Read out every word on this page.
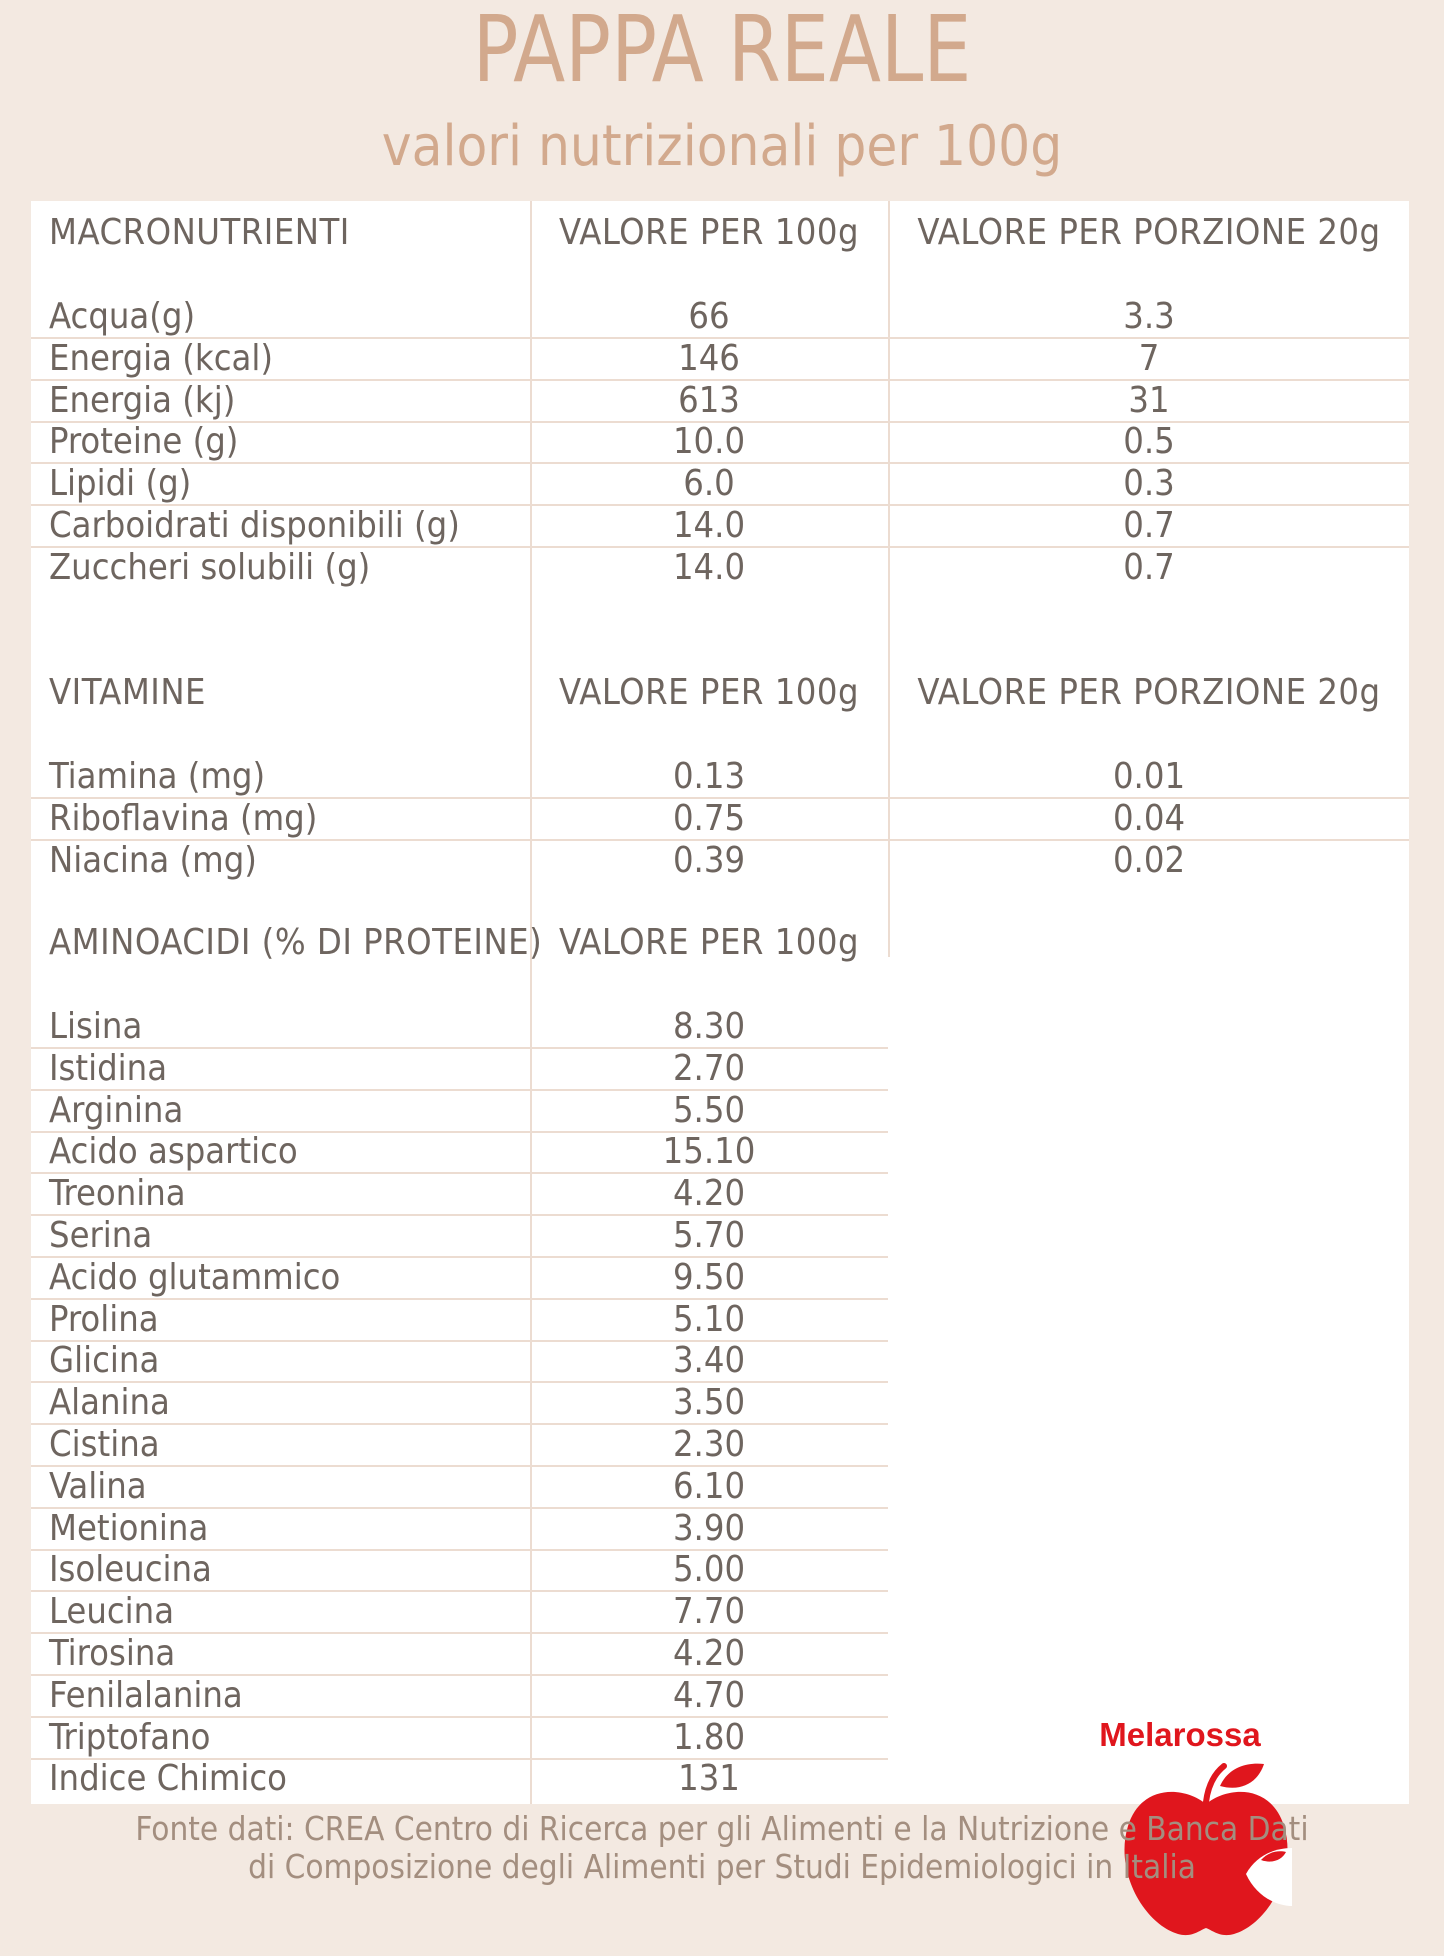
PAPPA REALE
valori nutrizionali per 100g
MACRONUTRIENTI	VALORE PER 100g	VALORE PER PORZIONE 20g
Acqua(g)	66	3.3
Energia (kcal)	146	7
Energia (kj)	613	31
Proteine (g)	10.0	0.5
Lipidi (g)	6.0	0.3
Carboidrati disponibili (g)	14.0	0.7
Zuccheri solubili (g)	14.0	0.7
VITAMINE	VALORE PER 100g	VALORE PER PORZIONE 20g
Tiamina (mg)	0.13	0.01
Riboflavina (mg)	0.75	0.04
Niacina (mg)	0.39	0.02
AMINOACIDI (% DI PROTEINE) VALORE PER 100g
Lisina	8.30
Istidina	2.70
Arginina	5.50
Acido aspartico	15.10
Treonina	4.20
Serina	5.70
Acido glutammico	9.50
Prolina	5.10
Glicina	3.40
Alanina	3.50
Cistina	2.30
Valina	6.10
Metionina	3.90
Isoleucina	5.00
Leucina	7.70
Tirosina	4.20
Fenilalanina	4.70
Triptofano	1.80
Indice Chimico	131
Melarossa
Fonte dati: CREA Centro di Ricerca per gli Alimenti e la Nutrizione e Banca Dati
di Composizione degli Alimenti per Studi Epidemiologici in Italia
